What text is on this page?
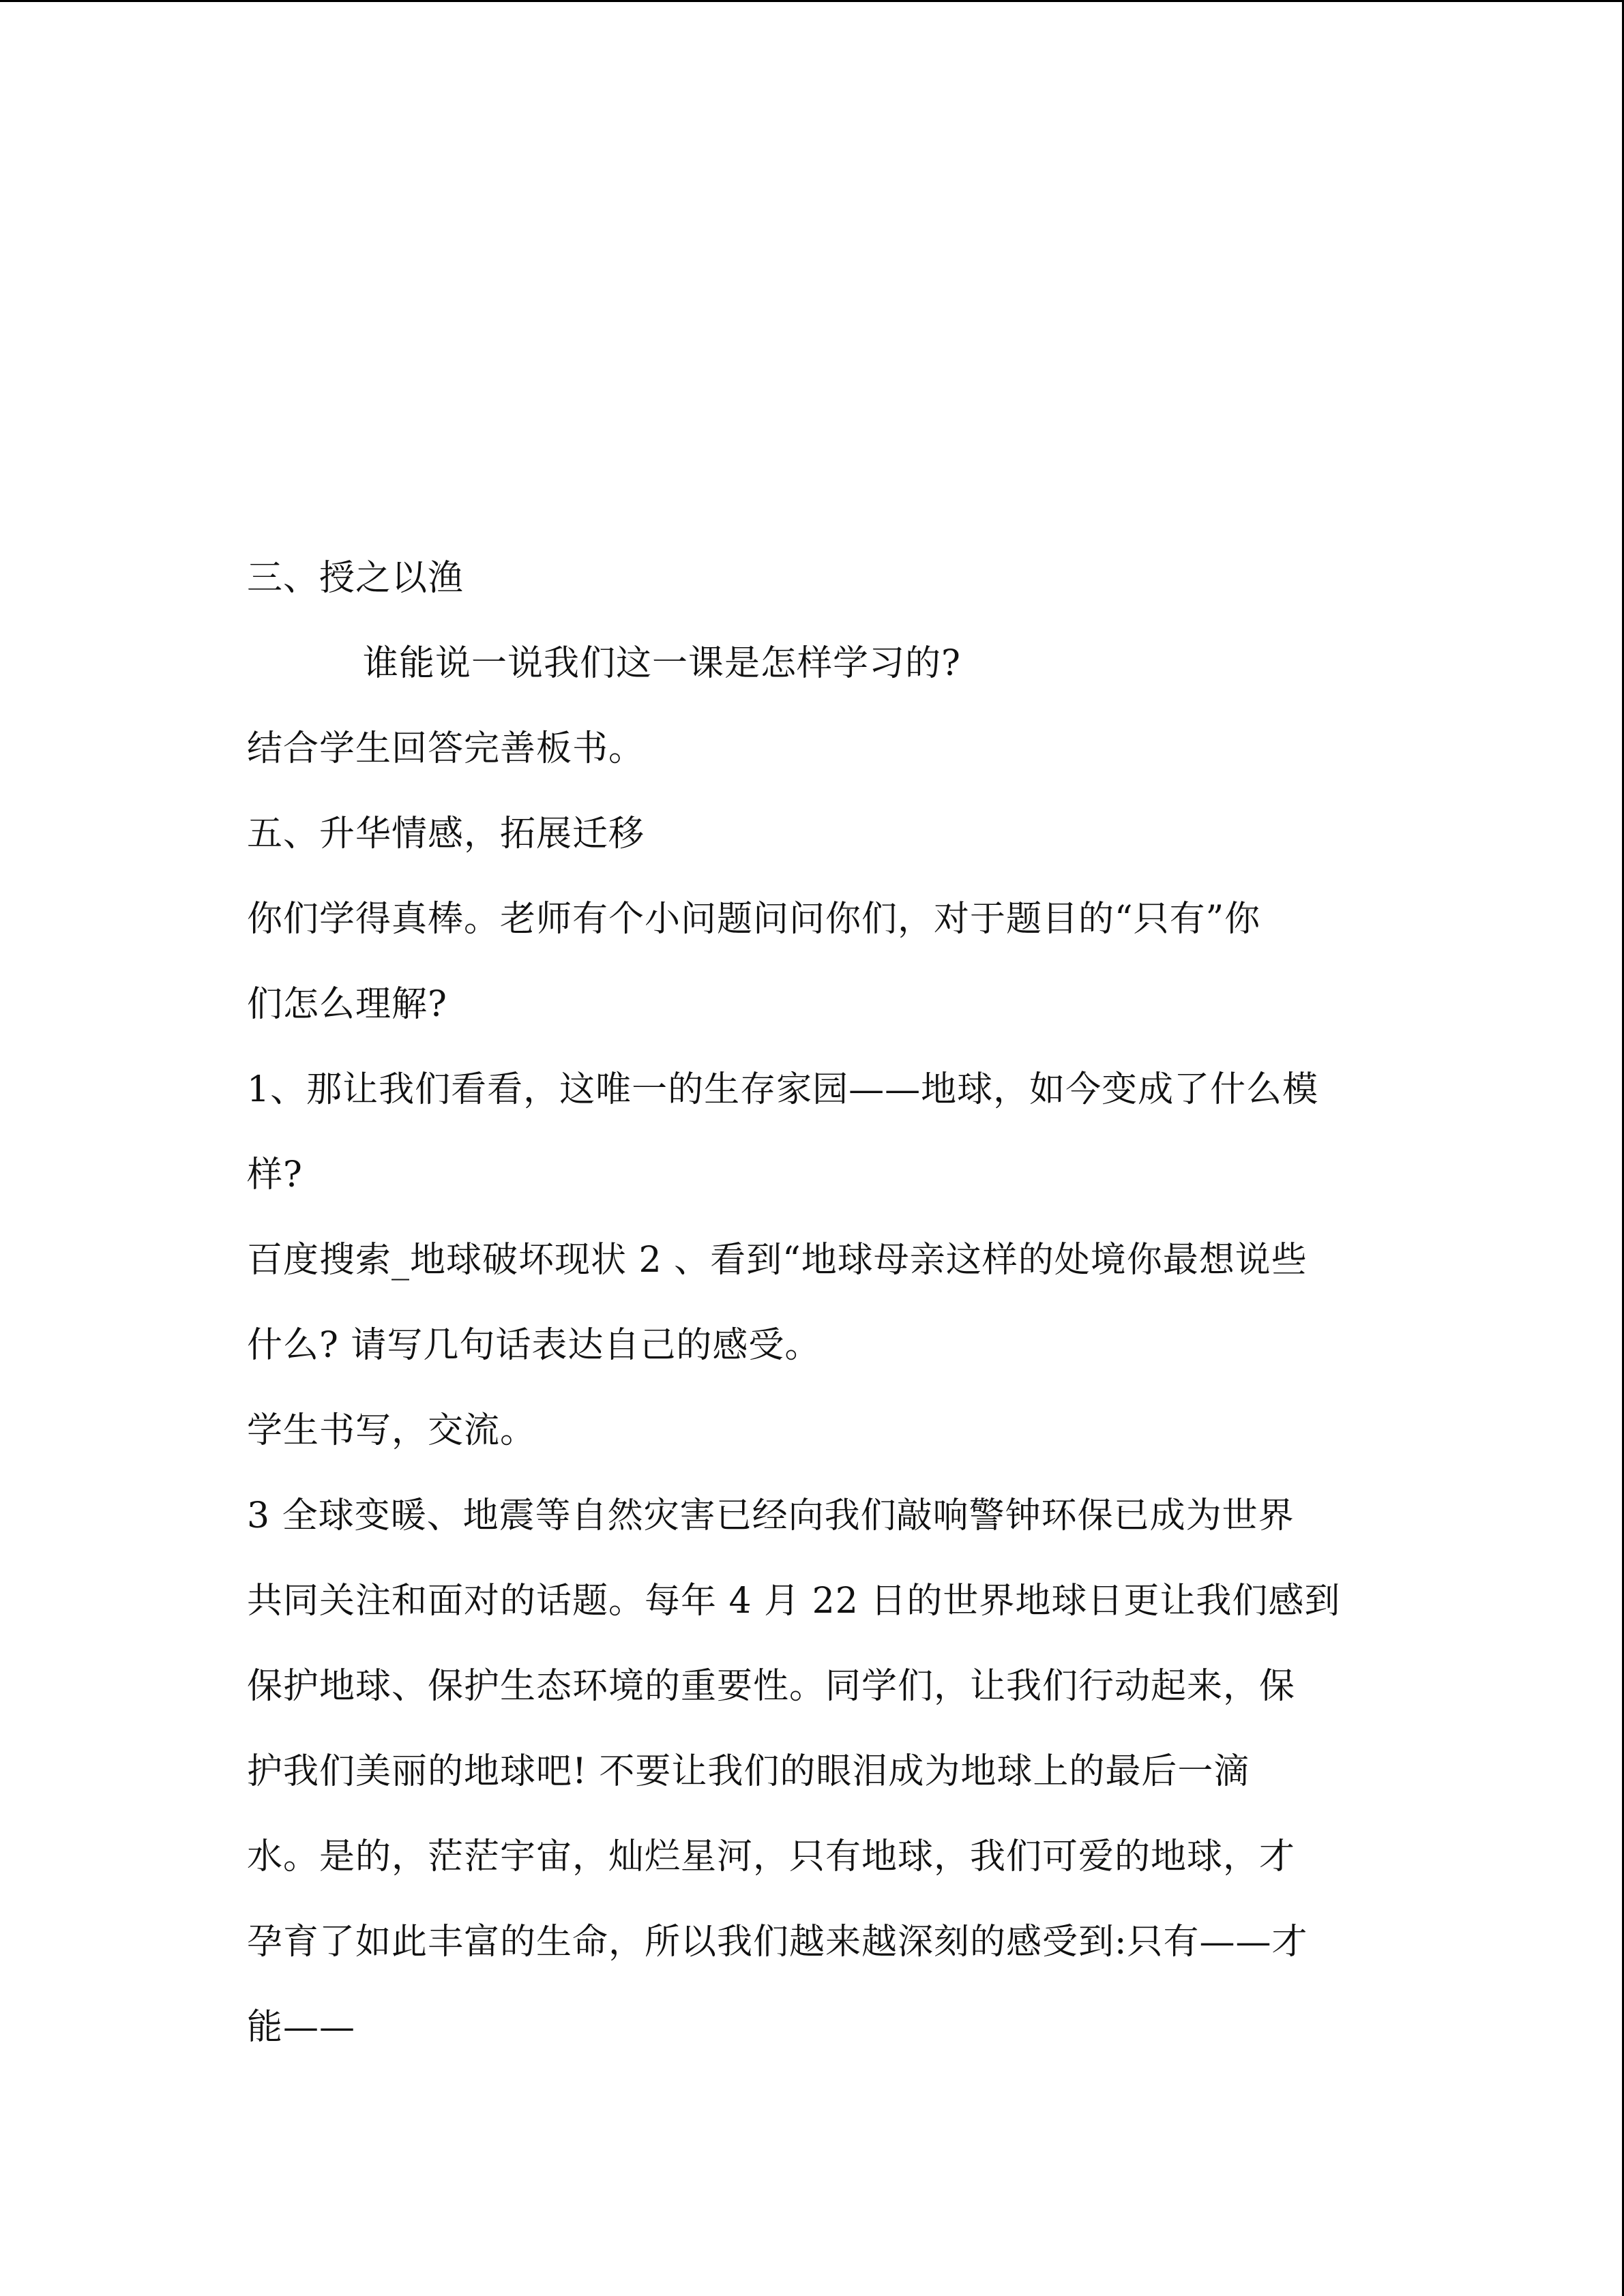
三、授之以渔
谁能说一说我们这一课是怎样学习的?
结合学生回答完善板书。
五、升华情感，拓展迁移
你们学得真棒。老师有个小问题问问你们，对于题目的“只有”你
们怎么理解?
1、那让我们看看，这唯一的生存家园——地球，如今变成了什么模
样?
百度搜索_地球破坏现状 2 、看到“地球母亲这样的处境你最想说些
什么? 请写几句话表达自己的感受。
学生书写，交流。
3 全球变暖、地震等自然灾害已经向我们敲响警钟环保已成为世界
共同关注和面对的话题。每年 4 月 22 日的世界地球日更让我们感到
保护地球、保护生态环境的重要性。同学们，让我们行动起来，保
护我们美丽的地球吧! 不要让我们的眼泪成为地球上的最后一滴
水。是的，茫茫宇宙，灿烂星河，只有地球，我们可爱的地球，才
孕育了如此丰富的生命，所以我们越来越深刻的感受到:只有——才
能——
